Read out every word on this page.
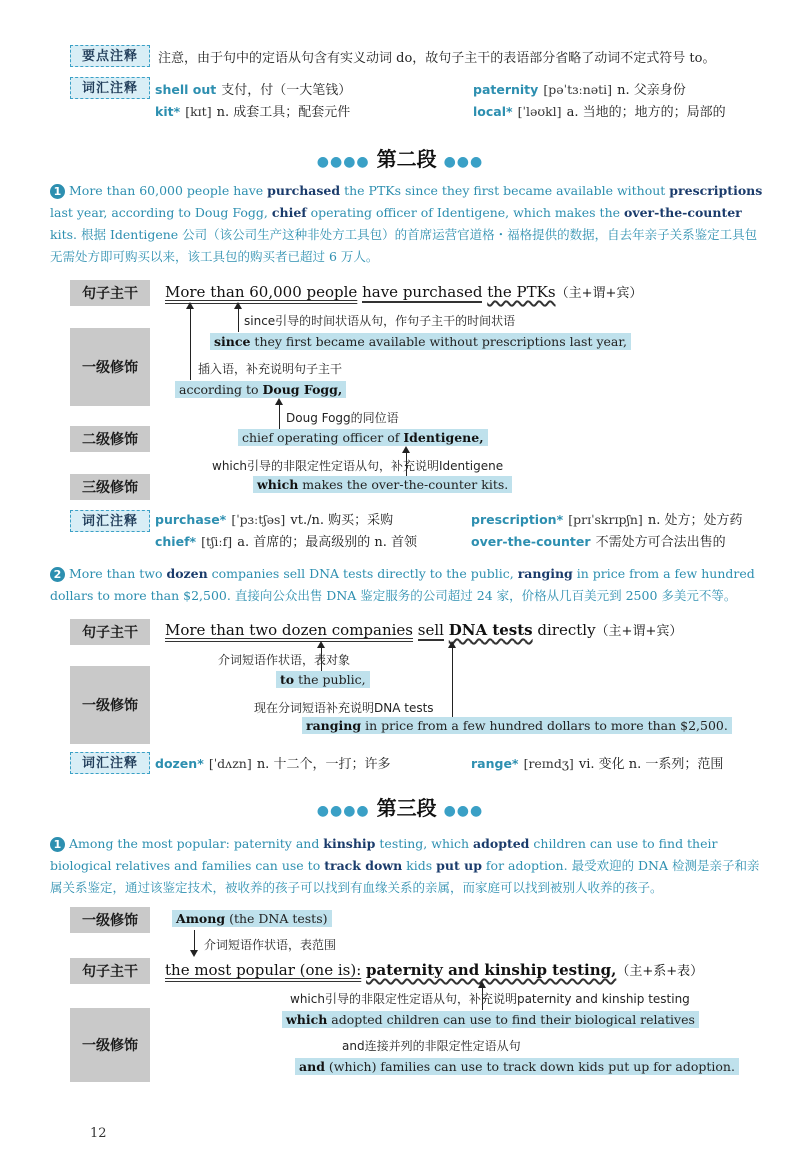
要点注释	注意，由于句中的定语从句含有实义动词 do，故句子主干的表语部分省略了动词不定式符号 to。
词汇注释	shell out 支付，付（一大笔钱）	paternity [pəˈtɜːnəti] n. 父亲身份
kit* [kɪt] n. 成套工具；配套元件	local* [ˈləʊkl] a. 当地的；地方的；局部的
●●●● 第二段 ●●●
1 More than 60,000 people have purchased the PTKs since they first became available without prescriptions last year, according to Doug Fogg, chief operating officer of Identigene, which makes the over-the-counter kits. 根据 Identigene 公司（该公司生产这种非处方工具包）的首席运营官道格・福格提供的数据，自去年亲子关系鉴定工具包无需处方即可购买以来，该工具包的购买者已超过 6 万人。
句子主干
一级修饰
二级修饰
三级修饰
More than 60,000 people have purchased the PTKs（主+谓+宾）
since引导的时间状语从句，作句子主干的时间状语
since they first became available without prescriptions last year,
插入语，补充说明句子主干
according to Doug Fogg,
Doug Fogg的同位语
chief operating officer of Identigene,
which引导的非限定性定语从句，补充说明Identigene
which makes the over-the-counter kits.
词汇注释	purchase* [ˈpɜːtʃəs] vt./n. 购买；采购	prescription* [prɪˈskrɪpʃn] n. 处方；处方药
chief* [tʃiːf] a. 首席的；最高级别的 n. 首领	over-the-counter 不需处方可合法出售的
2 More than two dozen companies sell DNA tests directly to the public, ranging in price from a few hundred dollars to more than $2,500. 直接向公众出售 DNA 鉴定服务的公司超过 24 家，价格从几百美元到 2500 多美元不等。
句子主干
一级修饰
More than two dozen companies sell DNA tests directly（主+谓+宾）
介词短语作状语，表对象
to the public,
现在分词短语补充说明DNA tests
ranging in price from a few hundred dollars to more than $2,500.
词汇注释	dozen* [ˈdʌzn] n. 十二个，一打；许多	range* [reɪndʒ] vi. 变化 n. 一系列；范围
●●●● 第三段 ●●●
1 Among the most popular: paternity and kinship testing, which adopted children can use to find their biological relatives and families can use to track down kids put up for adoption. 最受欢迎的 DNA 检测是亲子和亲属关系鉴定，通过该鉴定技术，被收养的孩子可以找到有血缘关系的亲属，而家庭可以找到被别人收养的孩子。
一级修饰
句子主干
一级修饰
Among (the DNA tests)
介词短语作状语，表范围
the most popular (one is): paternity and kinship testing,（主+系+表）
which引导的非限定性定语从句，补充说明paternity and kinship testing
which adopted children can use to find their biological relatives
and连接并列的非限定性定语从句
and (which) families can use to track down kids put up for adoption.
12
